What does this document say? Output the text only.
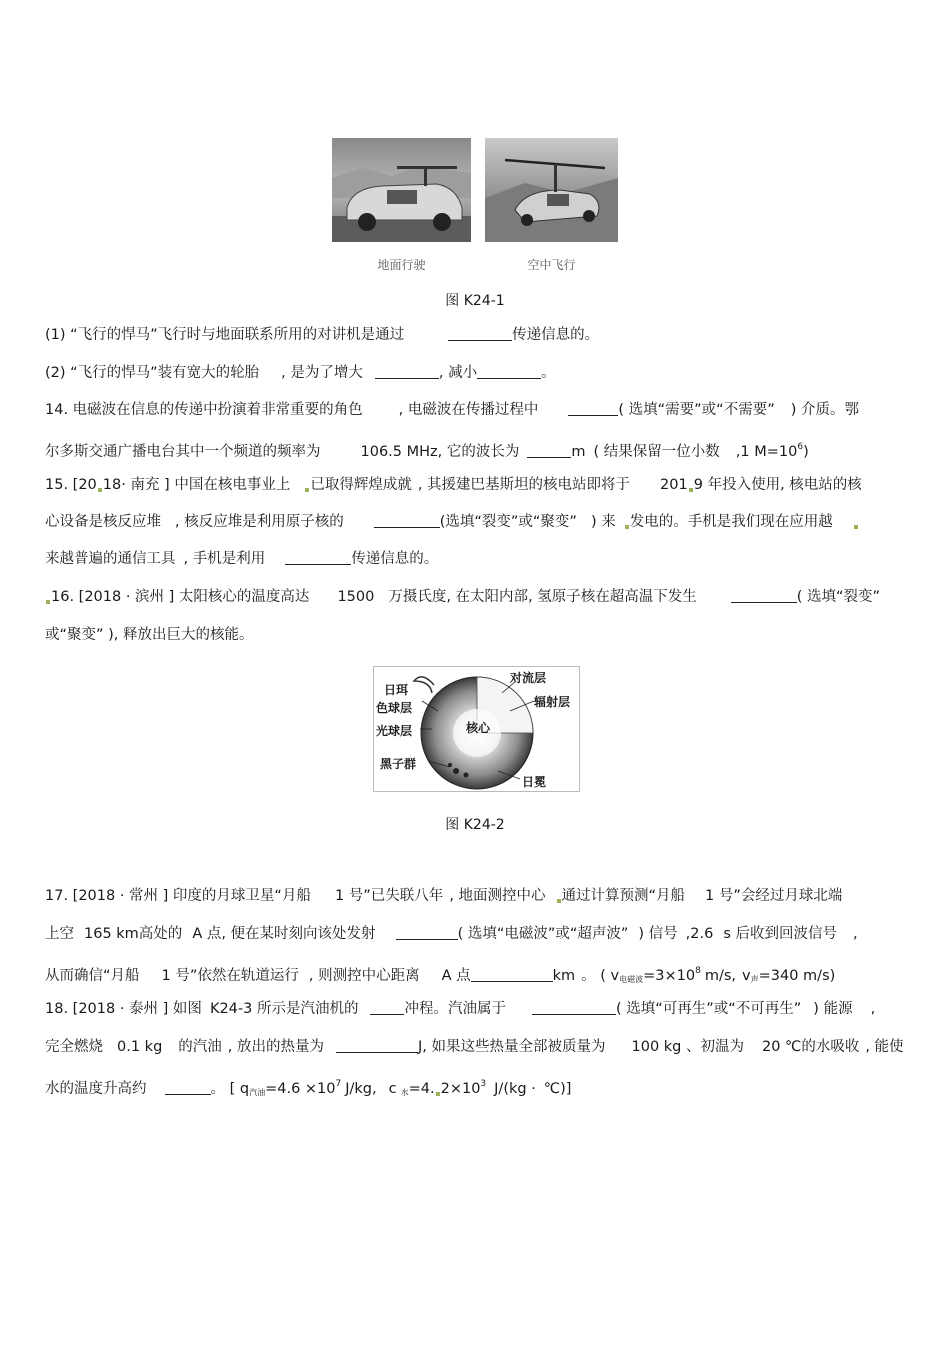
地面行驶	空中飞行
图 K24-1
(1) “飞行的悍马”飞行时与地面联系所用的对讲机是通过	传递信息的。
(2) “飞行的悍马”装有宽大的轮胎 , 是为了增大	, 减小	。
14. 电磁波在信息的传递中扮演着非常重要的角色 , 电磁波在传播过程中	( 选填“需要”或“不需要” ) 介质。鄂
尔多斯交通广播电台其中一个频道的频率为	106.5 MHz, 它的波长为	m ( 结果保留一位小数 ,1 $M=10^6$)
15. [20 18· 南充 ] 中国在核电事业上 已取得辉煌成就 , 其援建巴基斯坦的核电站即将于 201 9 年投入使用, 核电站的核
心设备是核反应堆 , 核反应堆是利用原子核的	(选填“裂变”或“聚变” ) 来 发电的。手机是我们现在应用越
来越普遍的通信工具 , 手机是利用	传递信息的。
16. [2018 · 滨州 ] 太阳核心的温度高达 1500 万摄氏度, 在太阳内部, 氢原子核在超高温下发生	( 选填“裂变”
或“聚变” ), 释放出巨大的核能。
日珥
色球层
光球层
黑子群
对流层
辐射层
核心
日冕
图 K24-2
17. [2018 · 常州 ] 印度的月球卫星“月船 1 号”已失联八年 , 地面测控中心 通过计算预测“月船 1 号”会经过月球北端
上空 165 km高处的 A 点, 便在某时刻向该处发射	( 选填“电磁波”或“超声波” ) 信号 ,2.6 s 后收到回波信号 ,
从而确信“月船 1 号”依然在轨道运行 , 则测控中心距离 A 点	km 。 ( $v_{电磁波}=3\times 10^8$ m/s, $v_声=340$ m/s)
18. [2018 · 泰州 ] 如图 K24-3 所示是汽油机的	冲程。汽油属于	( 选填“可再生”或“不可再生” ) 能源 ,
完全燃烧 0.1 kg 的汽油 , 放出的热量为	J, 如果这些热量全部被质量为 100 kg 、初温为 20 ℃的水吸收 , 能使
水的温度升高约	。 [ $q_{汽油}=4.6 \times 10^7$ J/kg, c $_水$=4. $2\times 10^3$ J/(kg · ℃)]
